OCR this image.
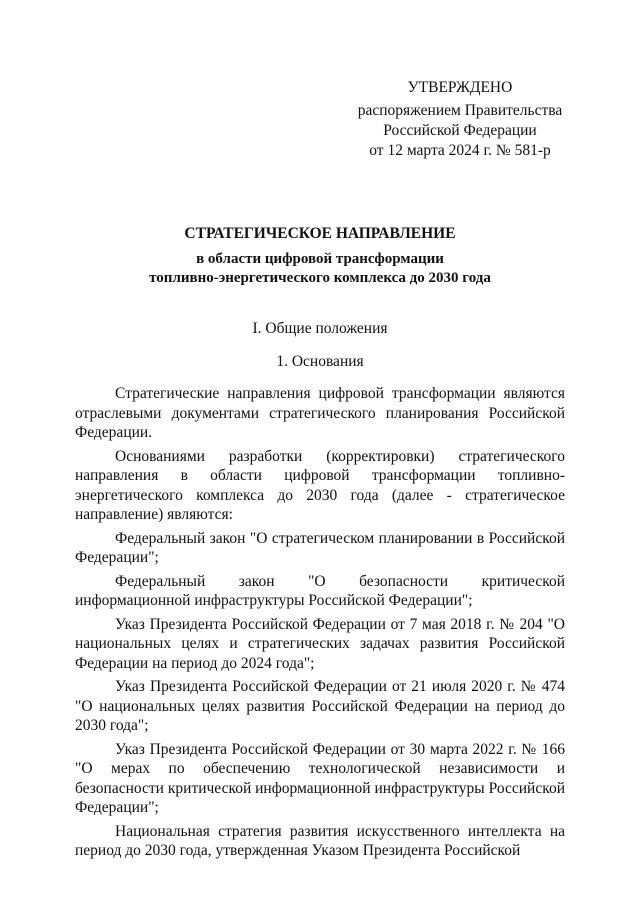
УТВЕРЖДЕНО
распоряжением Правительства
Российской Федерации
от 12 марта 2024 г. № 581-р
СТРАТЕГИЧЕСКОЕ НАПРАВЛЕНИЕ
в области цифровой трансформации
топливно-энергетического комплекса до 2030 года
I. Общие положения
1. Основания

Стратегические направления цифровой трансформации являются отраслевыми документами стратегического планирования Российской Федерации.

Основаниями разработки (корректировки) стратегического направления в области цифровой трансформации топливно-энергетического комплекса до 2030 года (далее - стратегическое направление) являются:

Федеральный закон "О стратегическом планировании в Российской Федерации";

Федеральный закон "О безопасности критической информационной инфраструктуры Российской Федерации";

Указ Президента Российской Федерации от 7 мая 2018 г. № 204 "О национальных целях и стратегических задачах развития Российской Федерации на период до 2024 года";

Указ Президента Российской Федерации от 21 июля 2020 г. № 474 "О национальных целях развития Российской Федерации на период до 2030 года";

Указ Президента Российской Федерации от 30 марта 2022 г. № 166 "О мерах по обеспечению технологической независимости и безопасности критической информационной инфраструктуры Российской Федерации";

Национальная стратегия развития искусственного интеллекта на период до 2030 года, утвержденная Указом Президента Российской
